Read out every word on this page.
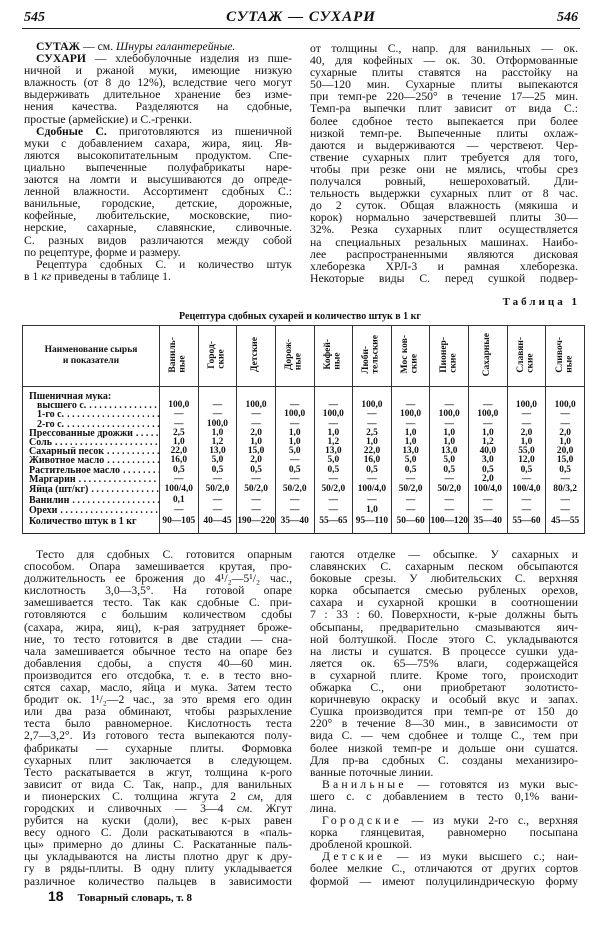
545	СУТАЖ — СУХАРИ	546
СУТА́Ж — см. Шнуры галантерейные.
СУХАРИ́ — хлебобулочные изделия из пше-
ничной и ржаной муки, имеющие низкую
влажность (от 8 до 12%), вследствие чего могут
выдерживать длительное хранение без изме-
нения качества. Разделяются на сдобные,
простые (армейские) и С.-гренки.
Сдобные С. приготовляются из пшеничной
муки с добавлением сахара, жира, яиц. Яв-
ляются высокопитательным продуктом. Спе-
циально выпеченные полуфабрикаты наре-
заются на ломти и высушиваются до опреде-
ленной влажности. Ассортимент сдобных С.:
ванильные, городские, детские, дорожные,
кофейные, любительские, московские, пио-
нерские, сахарные, славянские, сливочные.
С. разных видов различаются между собой
по рецептуре, форме и размеру.
Рецептура сдобных С. и количество штук
в 1 кг приведены в таблице 1.
от толщины С., напр. для ванильных — ок.
40, для кофейных — ок. 30. Отформованные
сухарные плиты ставятся на расстойку на
50—120 мин. Сухарные плиты выпекаются
при темп-ре 220—250° в течение 17—25 мин.
Темп-ра выпечки плит зависит от вида С.:
более сдобное тесто выпекается при более
низкой темп-ре. Выпеченные плиты охлаж-
даются и выдерживаются — черствеют. Чер-
ствение сухарных плит требуется для того,
чтобы при резке они не мялись, чтобы срез
получался ровный, нешероховатый. Дли-
тельность выдержки сухарных плит от 8 час.
до 2 суток. Общая влажность (мякиша и
корок) нормально зачерствевшей плиты 30—
32%. Резка сухарных плит осуществляется
на специальных резальных машинах. Наибо-
лее распространенными являются дисковая
хлеборезка ХРЛ-3 и рамная хлеборезка.
Некоторые виды С. перед сушкой подвер-
Таблица 1
Рецептура сдобных сухарей и количество штук в 1 кг
Наименование сырья
и показатели	Ваниль-
ные	Город-
ские	Детские	Дорож-
ные	Кофей-
ные	Люби-
тельские	Мос ков-
ские	Пионер-
ские	Сахарные	Славян-
ские	Сливоч-
ные
Пшеничная мука:											

высшего с. . . .	100,0	—	100,0	—	—	100,0	—	—	—	100,0	100,0

1-го с. . . .	—	—	—	100,0	100,0	—	100,0	100,0	100,0	—	—

2-го с. . . .	—	100,0	—	—	—	—	—	—	—	—	—

Прессованные дрожжи . . .	2,5	1,0	2,0	1,0	1,0	2,5	1,0	1,0	1,0	2,0	2,0

Соль . . .	1,0	1,2	1,0	1,0	1,2	1,0	1,0	1,0	1,2	1,0	1,0

Сахарный песок . . .	22,0	13,0	15,0	5,0	13,0	22,0	13,0	13,0	40,0	55,0	20,0

Животное масло . . .	16,0	5,0	2,0	—	5,0	16,0	5,0	5,0	3,0	12,0	15,0

Растительное масло . . .	0,5	0,5	0,5	0,5	0,5	0,5	0,5	0,5	0,5	0,5	0,5

Маргарин . . .	—	—	—	—	—	—	—	—	2,0	—	—

Яйца (шт/кг) . . .	100/4,0	50/2,0	50/2,0	50/2,0	50/2,0	100/4,0	50/2,0	50/2,0	100/4,0	100/4,0	80/3,2

Ванилин . . .	0,1	—	—	—	—	—	—	—	—	—	—

Орехи . . .	—	—	—	—	—	1,0	—	—	—	—	—
Количество штук в 1 кг	90—105	40—45	190—220	35—40	55—65	95—110	50—60	100—120	35—40	55—60	45—55
Тесто для сдобных С. готовится опарным
способом. Опара замешивается крутая, про-
должительность ее брожения до 4¹/₂—5¹/₂ час.,
кислотность 3,0—3,5°. На готовой опаре
замешивается тесто. Так как сдобные С. при-
готовляются с большим количеством сдобы
(сахара, жира, яиц), к-рая затрудняет броже-
ние, то тесто готовится в две стадии — сна-
чала замешивается обычное тесто на опаре без
добавления сдобы, а спустя 40—60 мин.
производится его отсдобка, т. е. в тесто вно-
сятся сахар, масло, яйца и мука. Затем тесто
бродит ок. 1¹/₂—2 час., за это время его один
или два раза обминают, чтобы разрыхление
теста было равномерное. Кислотность теста
2,7—3,2°. Из готового теста выпекаются полу-
фабрикаты — сухарные плиты. Формовка
сухарных плит заключается в следующем.
Тесто раскатывается в жгут, толщина к-рого
зависит от вида С. Так, напр., для ванильных
и пионерских С. толщина жгута 2 см, для
городских и сливочных — 3—4 см. Жгут
рубится на куски (доли), вес к-рых равен
весу одного С. Доли раскатываются в «паль-
цы» примерно до длины С. Раскатанные паль-
цы укладываются на листы плотно друг к дру-
гу в ряды-плиты. В одну плиту укладывается
различное количество пальцев в зависимости
гаются отделке — обсыпке. У сахарных и
славянских С. сахарным песком обсыпаются
боковые срезы. У любительских С. верхняя
корка обсыпается смесью рубленых орехов,
сахара и сухарной крошки в соотношении
7 : 33 : 60. Поверхности, к-рые должны быть
обсыпаны, предварительно смазываются яич-
ной болтушкой. После этого С. укладываются
на листы и сушатся. В процессе сушки уда-
ляется ок. 65—75% влаги, содержащейся
в сухарной плите. Кроме того, происходит
обжарка С., они приобретают золотисто-
коричневую окраску и особый вкус и запах.
Сушка производится при темп-ре от 150 до
220° в течение 8—30 мин., в зависимости от
вида С. — чем сдобнее и толще С., тем при
более низкой темп-ре и дольше они сушатся.
Для пр-ва сдобных С. созданы механизиро-
ванные поточные линии.
Ванильные — готовятся из муки выс-
шего с. с добавлением в тесто 0,1% вани-
лина.
Городские — из муки 2-го с., верхняя
корка глянцевитая, равномерно посыпана
дробленой крошкой.
Детские — из муки высшего с.; наи-
более мелкие С., отличаются от других сортов
формой — имеют полуцилиндрическую форму
18 Товарный словарь, т. 8
